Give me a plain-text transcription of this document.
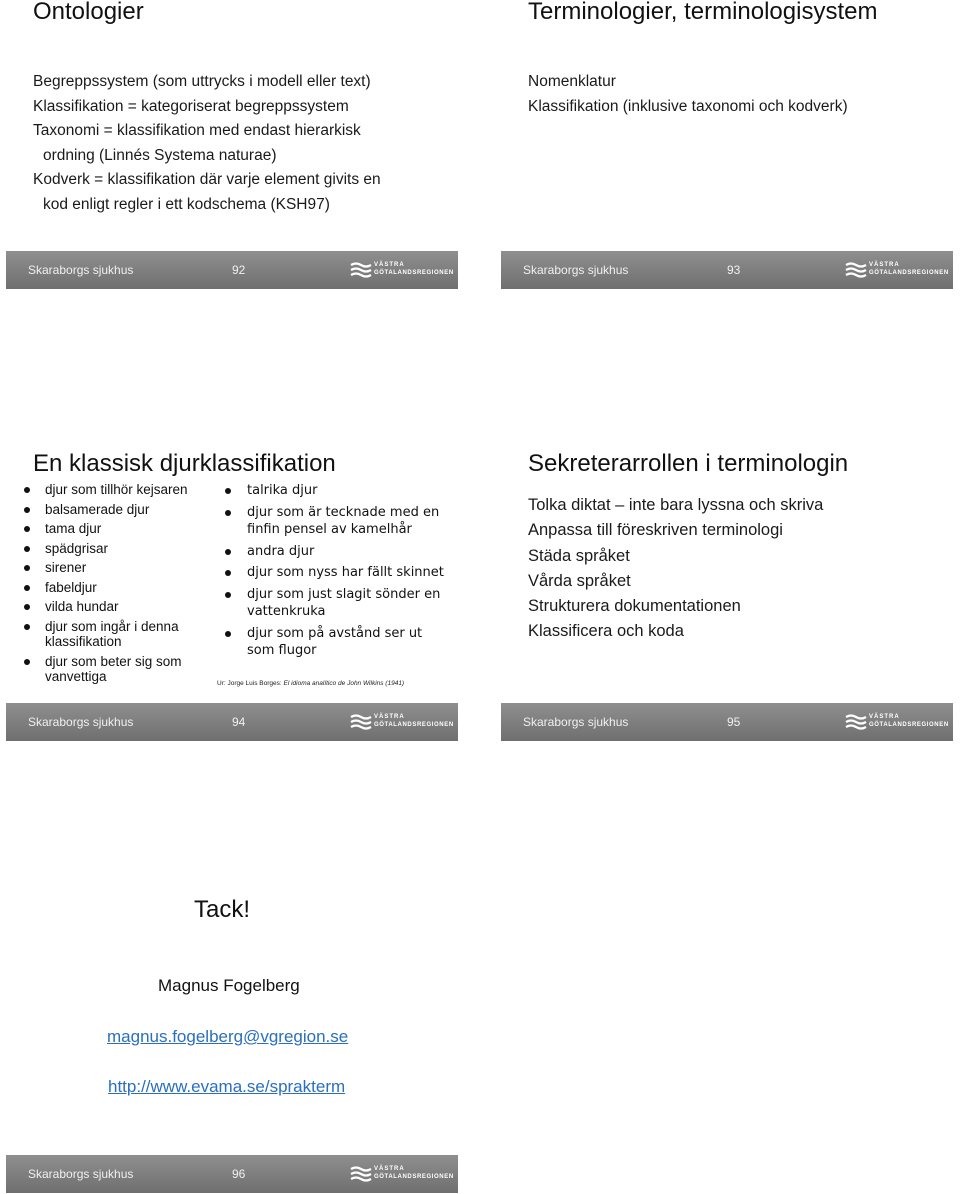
Ontologier
Begreppssystem (som uttrycks i modell eller text)
Klassifikation = kategoriserat begreppssystem
Taxonomi = klassifikation med endast hierarkisk
ordning (Linnés Systema naturae)
Kodverk = klassifikation där varje element givits en
kod enligt regler i ett kodschema (KSH97)
Skaraborgs sjukhus	92	VÄSTRA
GÖTALANDSREGIONEN
Terminologier, terminologisystem
Nomenklatur
Klassifikation (inklusive taxonomi och kodverk)
Skaraborgs sjukhus	93	VÄSTRA
GÖTALANDSREGIONEN
En klassisk djurklassifikation
djur som tillhör kejsaren
balsamerade djur
tama djur
spädgrisar
sirener
fabeldjur
vilda hundar
djur som ingår i denna klassifikation
djur som beter sig som vanvettiga
talrika djur
djur som är tecknade med en finfin pensel av kamelhår
andra djur
djur som nyss har fällt skinnet
djur som just slagit sönder en vattenkruka
djur som på avstånd ser ut som flugor
Ur: Jorge Luis Borges: El idioma analítico de John Wilkins (1941)
Skaraborgs sjukhus	94	VÄSTRA
GÖTALANDSREGIONEN
Sekreterarrollen i terminologin
Tolka diktat – inte bara lyssna och skriva
Anpassa till föreskriven terminologi
Städa språket
Vårda språket
Strukturera dokumentationen
Klassificera och koda
Skaraborgs sjukhus	95	VÄSTRA
GÖTALANDSREGIONEN
Tack!
Magnus Fogelberg
magnus.fogelberg@vgregion.se
http://www.evama.se/sprakterm
Skaraborgs sjukhus	96	VÄSTRA
GÖTALANDSREGIONEN
